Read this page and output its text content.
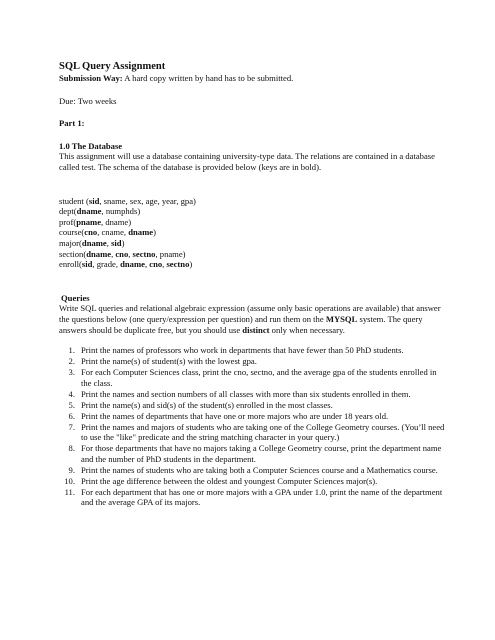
SQL Query Assignment

Submission Way: A hard copy written by hand has to be submitted.

Due: Two weeks

Part 1:

1.0 The Database

This assignment will use a database containing university-type data. The relations are contained in a database called test. The schema of the database is provided below (keys are in bold).

student (sid, sname, sex, age, year, gpa)

dept(dname, numphds)

prof(pname, dname)

course(cno, cname, dname)

major(dname, sid)

section(dname, cno, sectno, pname)

enroll(sid, grade, dname, cno, sectno)

Queries

Write SQL queries and relational algebraic expression (assume only basic operations are available) that answer the questions below (one query/expression per question) and run them on the MYSQL system. The query answers should be duplicate free, but you should use distinct only when necessary.

1. Print the names of professors who work in departments that have fewer than 50 PhD students.
2. Print the name(s) of student(s) with the lowest gpa.
3. For each Computer Sciences class, print the cno, sectno, and the average gpa of the students enrolled in the class.
4. Print the names and section numbers of all classes with more than six students enrolled in them.
5. Print the name(s) and sid(s) of the student(s) enrolled in the most classes.
6. Print the names of departments that have one or more majors who are under 18 years old.
7. Print the names and majors of students who are taking one of the College Geometry courses. (You’ll need to use the "like" predicate and the string matching character in your query.)
8. For those departments that have no majors taking a College Geometry course, print the department name and the number of PhD students in the department.
9. Print the names of students who are taking both a Computer Sciences course and a Mathematics course.
10. Print the age difference between the oldest and youngest Computer Sciences major(s).
11. For each department that has one or more majors with a GPA under 1.0, print the name of the department and the average GPA of its majors.
